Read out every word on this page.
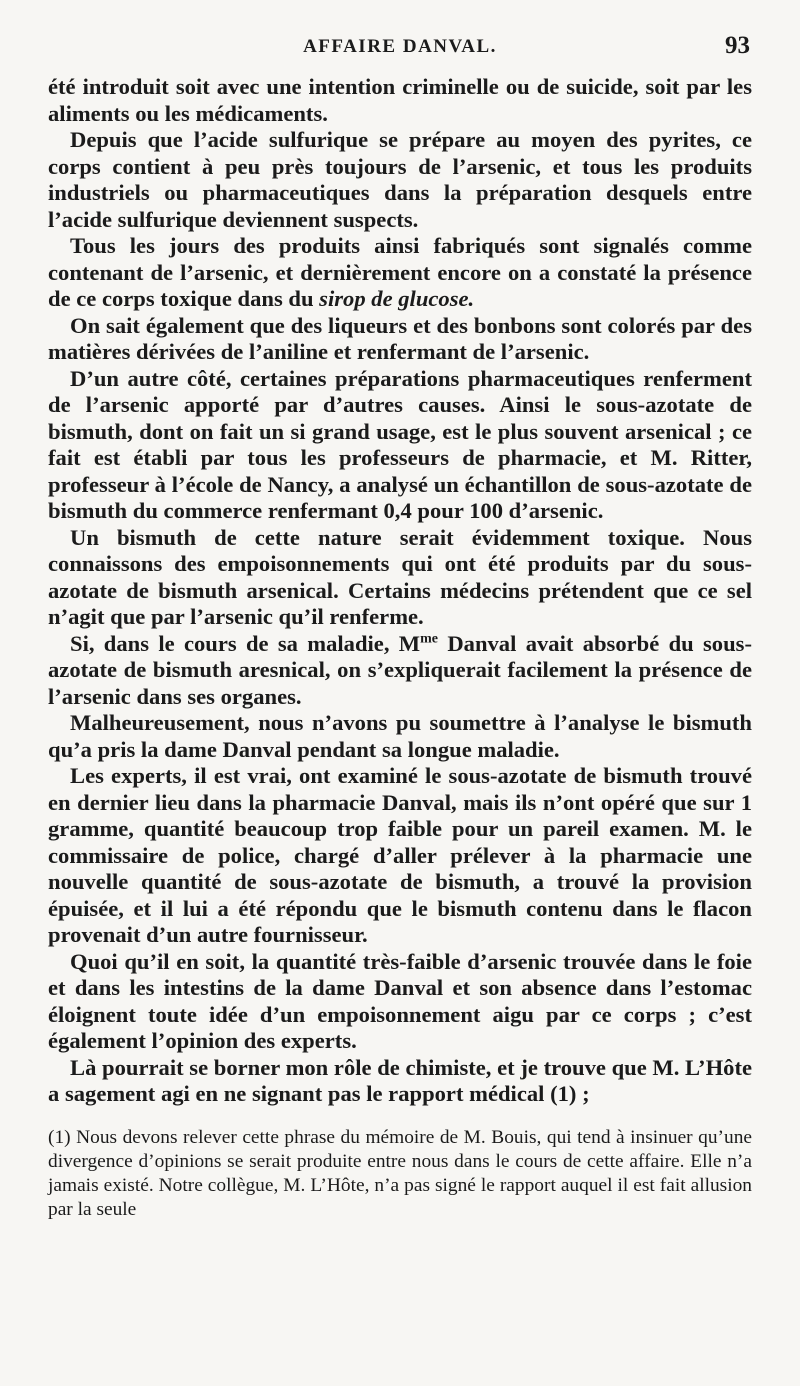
AFFAIRE DANVAL.	93

été introduit soit avec une intention criminelle ou de suicide, soit par les aliments ou les médicaments.

Depuis que l’acide sulfurique se prépare au moyen des pyrites, ce corps contient à peu près toujours de l’arsenic, et tous les produits industriels ou pharmaceutiques dans la préparation desquels entre l’acide sulfurique deviennent suspects.

Tous les jours des produits ainsi fabriqués sont signalés comme contenant de l’arsenic, et dernièrement encore on a constaté la présence de ce corps toxique dans du sirop de glucose.

On sait également que des liqueurs et des bonbons sont colorés par des matières dérivées de l’aniline et renfermant de l’arsenic.

D’un autre côté, certaines préparations pharmaceutiques renferment de l’arsenic apporté par d’autres causes. Ainsi le sous-azotate de bismuth, dont on fait un si grand usage, est le plus souvent arsenical ; ce fait est établi par tous les professeurs de pharmacie, et M. Ritter, professeur à l’école de Nancy, a analysé un échantillon de sous-azotate de bismuth du commerce renfermant 0,4 pour 100 d’arsenic.

Un bismuth de cette nature serait évidemment toxique. Nous connaissons des empoisonnements qui ont été produits par du sous-azotate de bismuth arsenical. Certains médecins prétendent que ce sel n’agit que par l’arsenic qu’il renferme.

Si, dans le cours de sa maladie, $M^{me}$ Danval avait absorbé du sous-azotate de bismuth aresnical, on s’expliquerait facilement la présence de l’arsenic dans ses organes.

Malheureusement, nous n’avons pu soumettre à l’analyse le bismuth qu’a pris la dame Danval pendant sa longue maladie.

Les experts, il est vrai, ont examiné le sous-azotate de bismuth trouvé en dernier lieu dans la pharmacie Danval, mais ils n’ont opéré que sur 1 gramme, quantité beaucoup trop faible pour un pareil examen. M. le commissaire de police, chargé d’aller prélever à la pharmacie une nouvelle quantité de sous-azotate de bismuth, a trouvé la provision épuisée, et il lui a été répondu que le bismuth contenu dans le flacon provenait d’un autre fournisseur.

Quoi qu’il en soit, la quantité très-faible d’arsenic trouvée dans le foie et dans les intestins de la dame Danval et son absence dans l’estomac éloignent toute idée d’un empoisonnement aigu par ce corps ; c’est également l’opinion des experts.

Là pourrait se borner mon rôle de chimiste, et je trouve que M. L’Hôte a sagement agi en ne signant pas le rapport médical (1) ;

(1) Nous devons relever cette phrase du mémoire de M. Bouis, qui tend à insinuer qu’une divergence d’opinions se serait produite entre nous dans le cours de cette affaire. Elle n’a jamais existé. Notre collègue, M. L’Hôte, n’a pas signé le rapport auquel il est fait allusion par la seule
